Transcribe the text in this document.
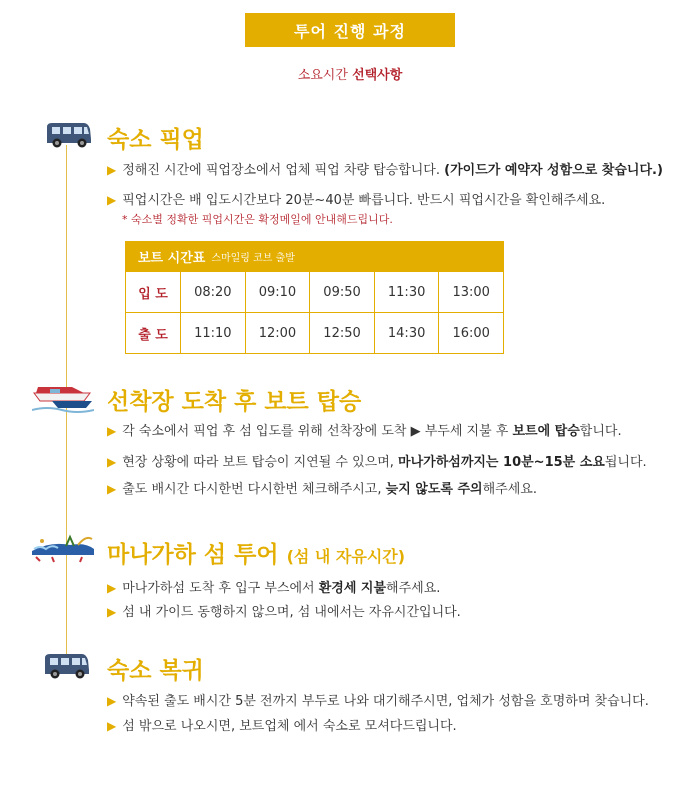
투어 진행 과정
소요시간 선택사항
숙소 픽업
▶ 정해진 시간에 픽업장소에서 업체 픽업 차량 탑승합니다. (가이드가 예약자 성함으로 찾습니다.)
▶ 픽업시간은 배 입도시간보다 20분~40분 빠릅니다. 반드시 픽업시간을 확인해주세요.
* 숙소별 정확한 픽업시간은 확정메일에 안내해드립니다.
보트 시간표 스마일링 코브 출발
입 도	08:20	09:10	09:50	11:30	13:00
출 도	11:10	12:00	12:50	14:30	16:00
선착장 도착 후 보트 탑승
▶ 각 숙소에서 픽업 후 섬 입도를 위해 선착장에 도착 ▶ 부두세 지불 후 보트에 탑승합니다.
▶ 현장 상황에 따라 보트 탑승이 지연될 수 있으며, 마나가하섬까지는 10분~15분 소요됩니다.
▶ 출도 배시간 다시한번 다시한번 체크해주시고, 늦지 않도록 주의해주세요.
마나가하 섬 투어 (섬 내 자유시간)
▶ 마나가하섬 도착 후 입구 부스에서 환경세 지불해주세요.
▶ 섬 내 가이드 동행하지 않으며, 섬 내에서는 자유시간입니다.
숙소 복귀
▶ 약속된 출도 배시간 5분 전까지 부두로 나와 대기해주시면, 업체가 성함을 호명하며 찾습니다.
▶ 섬 밖으로 나오시면, 보트업체 에서 숙소로 모셔다드립니다.
